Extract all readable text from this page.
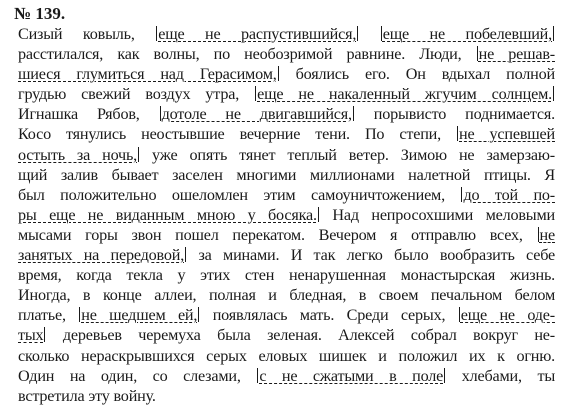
№ 139.
Сизый ковыль, еще не распустившийся, еще не побелевший,
расстилался, как волны, по необозримой равнине. Люди, не решав-
шиеся глумиться над Герасимом, боялись его. Он вдыхал полной
грудью свежий воздух утра, еще не накаленный жгучим солнцем.
Игнашка Рябов, дотоле не двигавшийся, порывисто поднимается.
Косо тянулись неостывшие вечерние тени. По степи, не успевшей
остыть за ночь, уже опять тянет теплый ветер. Зимою не замерзаю-
щий залив бывает заселен многими миллионами налетной птицы. Я
был положительно ошеломлен этим самоуничтожением, до той по-
ры еще не виданным мною у босяка. Над непросохшими меловыми
мысами горы звон пошел перекатом. Вечером я отправлю всех, не
занятых на передовой, за минами. И так легко было вообразить себе
время, когда текла у этих стен ненарушенная монастырская жизнь.
Иногда, в конце аллеи, полная и бледная, в своем печальном белом
платье, не шедшем ей, появлялась мать. Среди серых, еще не оде-
тых деревьев черемуха была зеленая. Алексей собрал вокруг не-
сколько нераскрывшихся серых еловых шишек и положил их к огню.
Один на один, со слезами, с не сжатыми в поле хлебами, ты
встретила эту войну.
